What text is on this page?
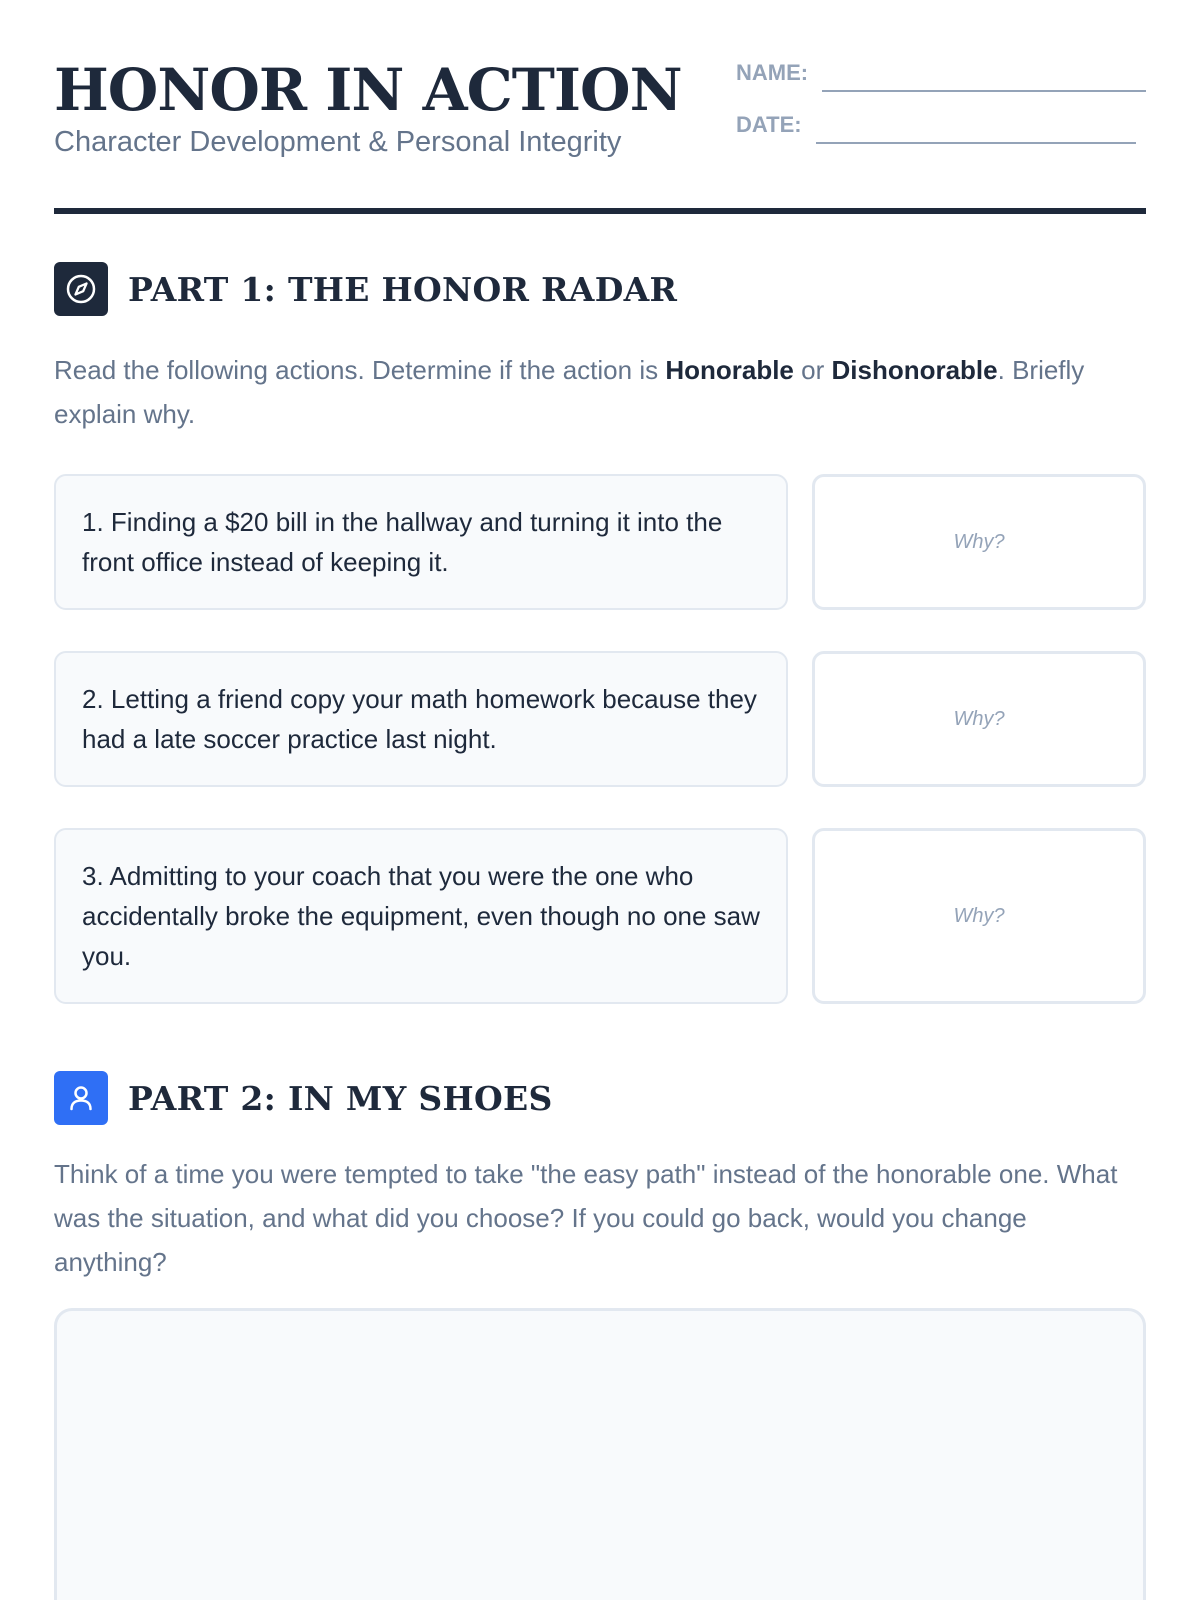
HONOR IN ACTION
Character Development & Personal Integrity
NAME:
DATE:
PART 1: THE HONOR RADAR
Read the following actions. Determine if the action is Honorable or Dishonorable. Briefly explain why.
1. Finding a $20 bill in the hallway and turning it into the front office instead of keeping it.
Why?
2. Letting a friend copy your math homework because they had a late soccer practice last night.
Why?
3. Admitting to your coach that you were the one who accidentally broke the equipment, even though no one saw you.
Why?
PART 2: IN MY SHOES
Think of a time you were tempted to take "the easy path" instead of the honorable one. What was the situation, and what did you choose? If you could go back, would you change anything?
